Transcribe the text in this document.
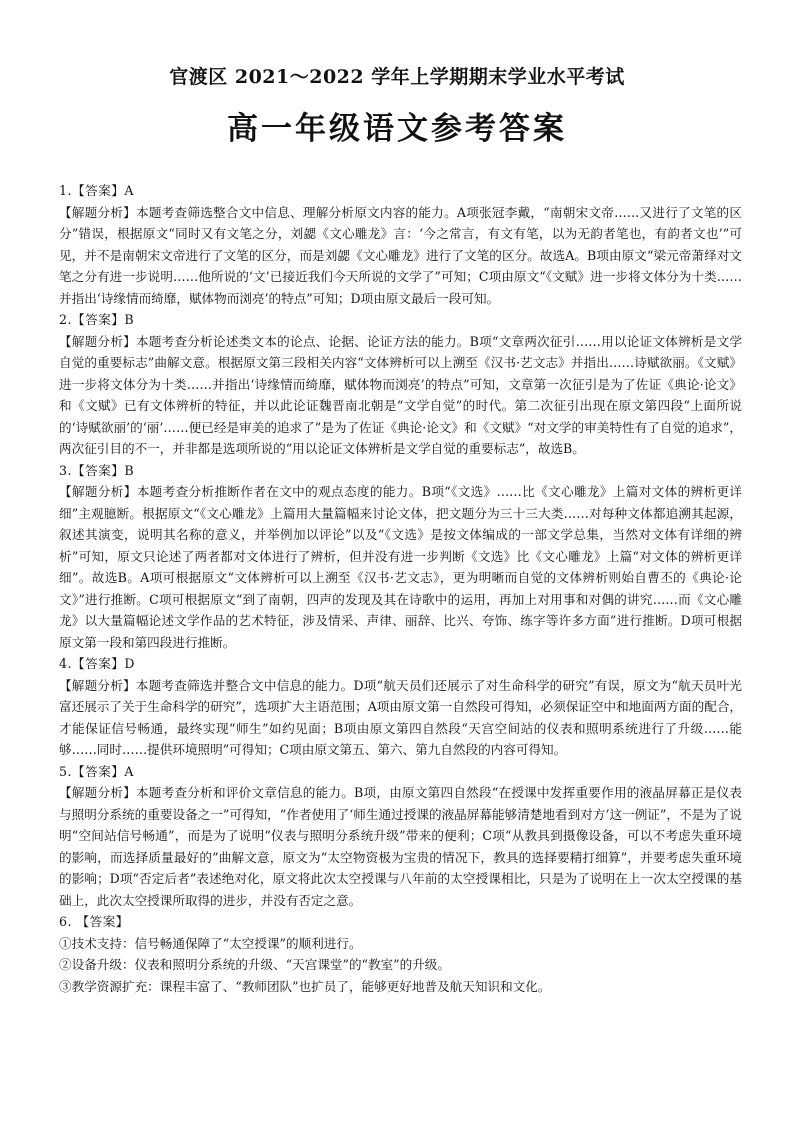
官渡区 2021～2022 学年上学期期末学业水平考试
高一年级语文参考答案

1.【答案】A

【解题分析】本题考查筛选整合文中信息、理解分析原文内容的能力。A项张冠李戴，“南朝宋文帝……又进行了文笔的区分”错误，根据原文“同时又有文笔之分，刘勰《文心雕龙》言：‘今之常言，有文有笔，以为无韵者笔也，有韵者文也’”可见，并不是南朝宋文帝进行了文笔的区分，而是刘勰《文心雕龙》进行了文笔的区分。故选A。B项由原文“梁元帝萧绎对文笔之分有进一步说明……他所说的‘文’已接近我们今天所说的文学了”可知；C项由原文“《文赋》进一步将文体分为十类……并指出‘诗缘情而绮靡，赋体物而浏亮’的特点”可知；D项由原文最后一段可知。

2.【答案】B

【解题分析】本题考查分析论述类文本的论点、论据、论证方法的能力。B项“文章两次征引……用以论证文体辨析是文学自觉的重要标志”曲解文意。根据原文第三段相关内容“文体辨析可以上溯至《汉书·艺文志》并指出……诗赋欲丽。《文赋》进一步将文体分为十类……并指出‘诗缘情而绮靡，赋体物而浏亮’的特点”可知，文章第一次征引是为了佐证《典论·论文》和《文赋》已有文体辨析的特征，并以此论证魏晋南北朝是“文学自觉”的时代。第二次征引出现在原文第四段“上面所说的‘诗赋欲丽’的‘丽’……便已经是审美的追求了”是为了佐证《典论·论文》和《文赋》“对文学的审美特性有了自觉的追求”，两次征引目的不一，并非都是选项所说的“用以论证文体辨析是文学自觉的重要标志”，故选B。

3.【答案】B

【解题分析】本题考查分析推断作者在文中的观点态度的能力。B项“《文选》……比《文心雕龙》上篇对文体的辨析更详细”主观臆断。根据原文“《文心雕龙》上篇用大量篇幅来讨论文体，把文题分为三十三大类……对每种文体都追溯其起源，叙述其演变，说明其名称的意义，并举例加以评论”以及“《文选》是按文体编成的一部文学总集，当然对文体有详细的辨析”可知，原文只论述了两者都对文体进行了辨析，但并没有进一步判断《文选》比《文心雕龙》上篇“对文体的辨析更详细”。故选B。A项可根据原文“文体辨析可以上溯至《汉书·艺文志》，更为明晰而自觉的文体辨析则始自曹丕的《典论·论文》”进行推断。C项可根据原文“到了南朝，四声的发现及其在诗歌中的运用，再加上对用事和对偶的讲究……而《文心雕龙》以大量篇幅论述文学作品的艺术特征，涉及情采、声律、丽辞、比兴、夸饰、练字等许多方面”进行推断。D项可根据原文第一段和第四段进行推断。

4.【答案】D

【解题分析】本题考查筛选并整合文中信息的能力。D项“航天员们还展示了对生命科学的研究”有误，原文为“航天员叶光富还展示了关于生命科学的研究”，选项扩大主语范围；A项由原文第一自然段可得知，必须保证空中和地面两方面的配合，才能保证信号畅通，最终实现“师生”如约见面；B项由原文第四自然段“天宫空间站的仪表和照明系统进行了升级……能够……同时……提供环境照明”可得知；C项由原文第五、第六、第九自然段的内容可得知。

5.【答案】A

【解题分析】本题考查分析和评价文章信息的能力。B项，由原文第四自然段“在授课中发挥重要作用的液晶屏幕正是仪表与照明分系统的重要设备之一”可得知，“作者使用了‘师生通过授课的液晶屏幕能够清楚地看到对方’这一例证”，不是为了说明“空间站信号畅通”，而是为了说明“仪表与照明分系统升级”带来的便利；C项“从教具到摄像设备，可以不考虑失重环境的影响，而选择质量最好的”曲解文意，原文为“太空物资极为宝贵的情况下，教具的选择要精打细算”，并要考虑失重环境的影响；D项“否定后者”表述绝对化，原文将此次太空授课与八年前的太空授课相比，只是为了说明在上一次太空授课的基础上，此次太空授课所取得的进步，并没有否定之意。

6. 【答案】

①技术支持：信号畅通保障了“太空授课”的顺利进行。

②设备升级：仪表和照明分系统的升级、“天宫课堂”的“教室”的升级。

③教学资源扩充：课程丰富了、“教师团队”也扩员了，能够更好地普及航天知识和文化。
